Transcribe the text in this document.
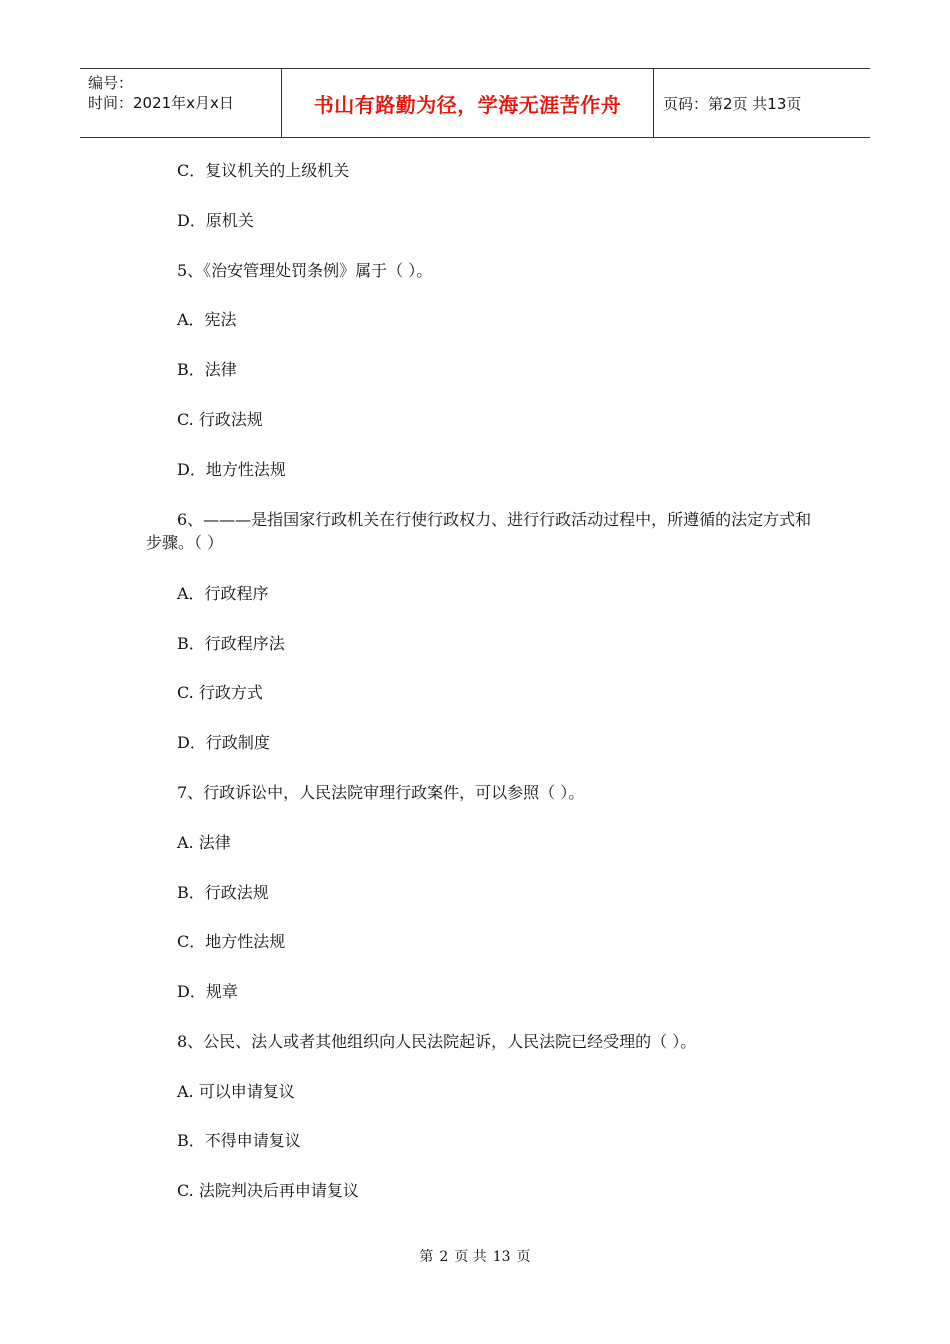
编号：
时间：2021年x月x日	书山有路勤为径，学海无涯苦作舟	页码：第2页 共13页
C．复议机关的上级机关
D．原机关
5、《治安管理处罚条例》属于（ ）。
A．宪法
B．法律
C. 行政法规
D．地方性法规
6、———是指国家行政机关在行使行政权力、进行行政活动过程中，所遵循的法定方式和步骤。（ ）
A．行政程序
B．行政程序法
C. 行政方式
D．行政制度
7、行政诉讼中，人民法院审理行政案件，可以参照（ ）。
A. 法律
B．行政法规
C．地方性法规
D．规章
8、公民、法人或者其他组织向人民法院起诉，人民法院已经受理的（ ）。
A. 可以申请复议
B．不得申请复议
C. 法院判决后再申请复议
第 2 页 共 13 页
